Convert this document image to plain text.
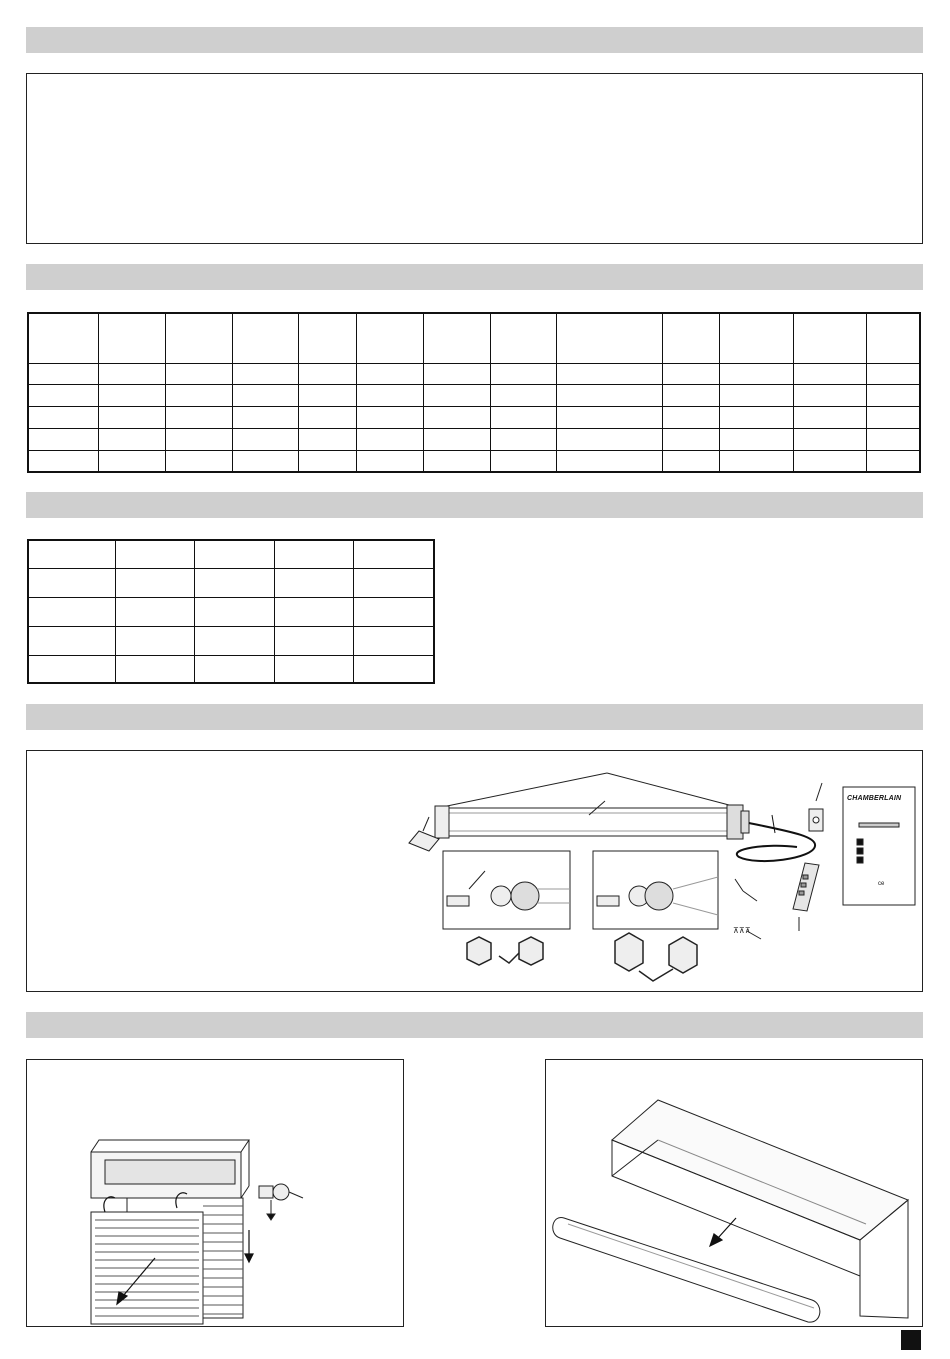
⊼⊼⊼
CHAMBERLAIN
ce
